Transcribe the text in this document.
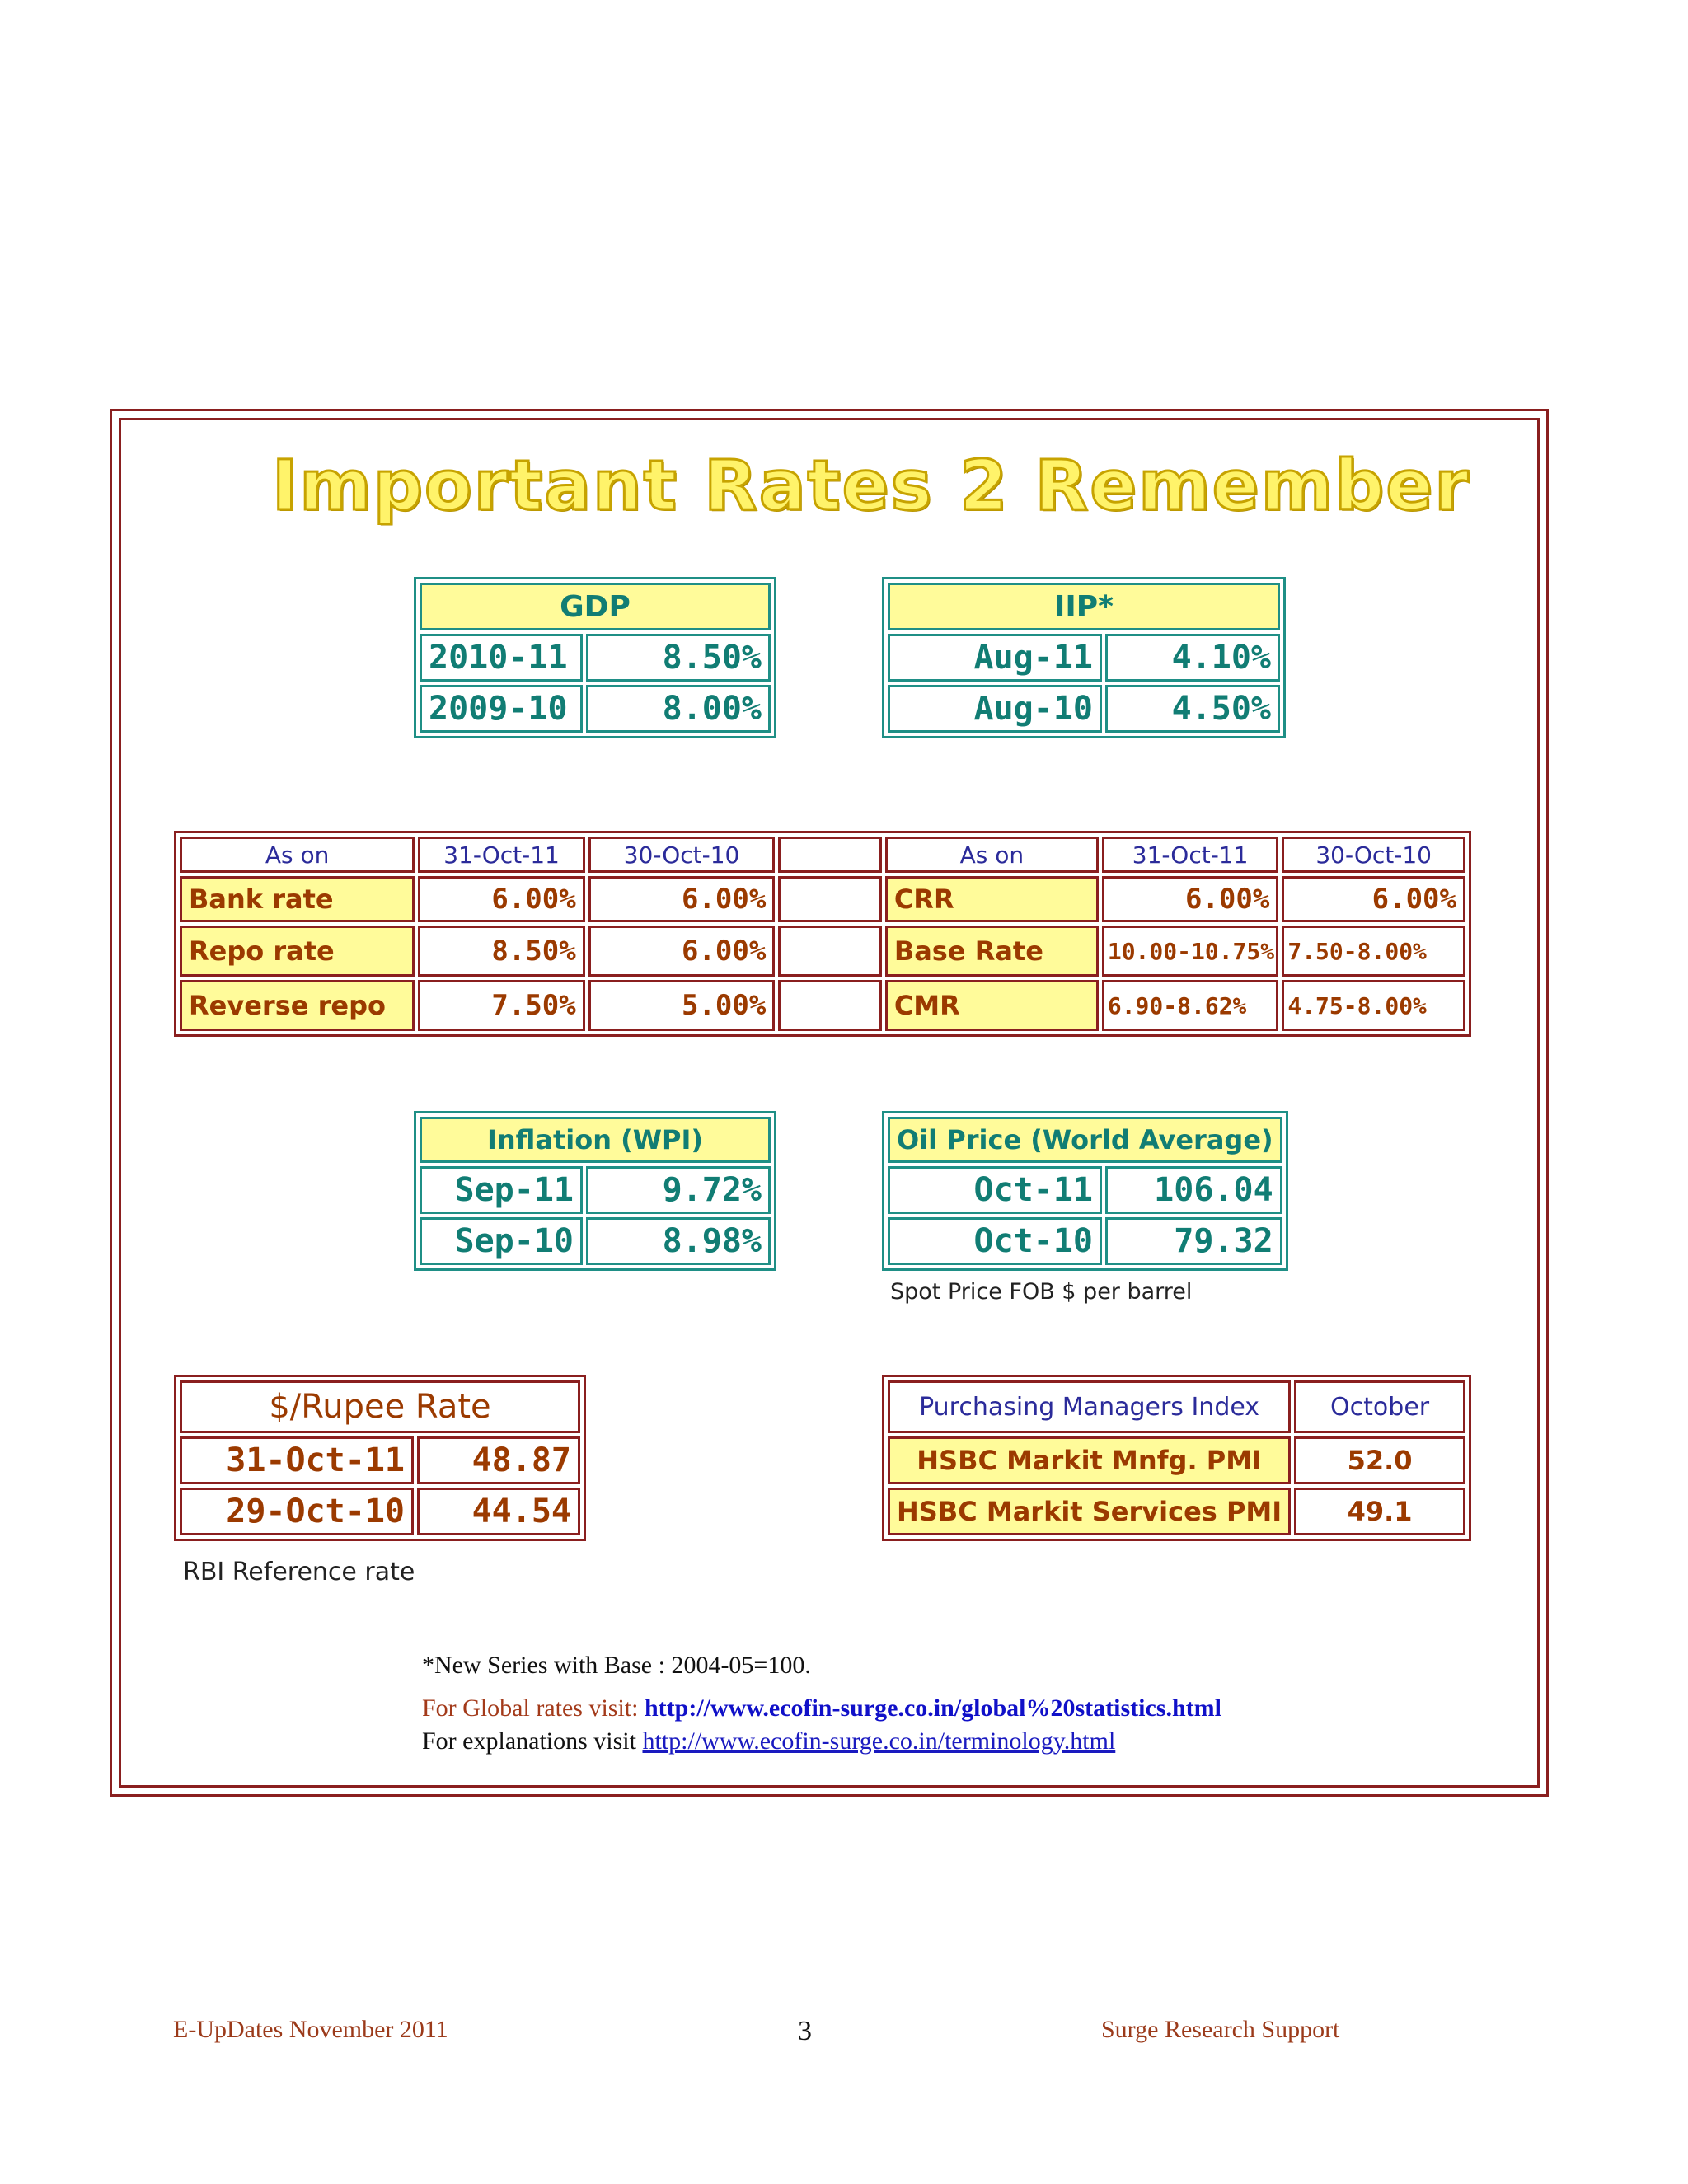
Important Rates 2 Remember
GDP	
2010-11	8.50%
2009-10	8.00%
IIP*	
Aug-11	4.10%
Aug-10	4.50%
As on	31-Oct-11	30-Oct-10		As on	31-Oct-11	30-Oct-10
Bank rate	6.00%	6.00%		CRR	6.00%	6.00%
Repo rate	8.50%	6.00%		Base Rate	10.00-10.75%	7.50-8.00%
Reverse repo	7.50%	5.00%		CMR	6.90-8.62%	4.75-8.00%
Inflation (WPI)	
Sep-11	9.72%
Sep-10	8.98%
Oil Price (World Average)	
Oct-11	106.04
Oct-10	79.32
Spot Price FOB $ per barrel
$/Rupee Rate	
31-Oct-11	48.87
29-Oct-10	44.54
RBI Reference rate
Purchasing Managers Index	October
HSBC Markit Mnfg. PMI	52.0
HSBC Markit Services PMI	49.1
*New Series with Base : 2004-05=100.
For Global rates visit: http://www.ecofin-surge.co.in/global%20statistics.html
For explanations visit http://www.ecofin-surge.co.in/terminology.html
E-UpDates November 2011	3	Surge Research Support
